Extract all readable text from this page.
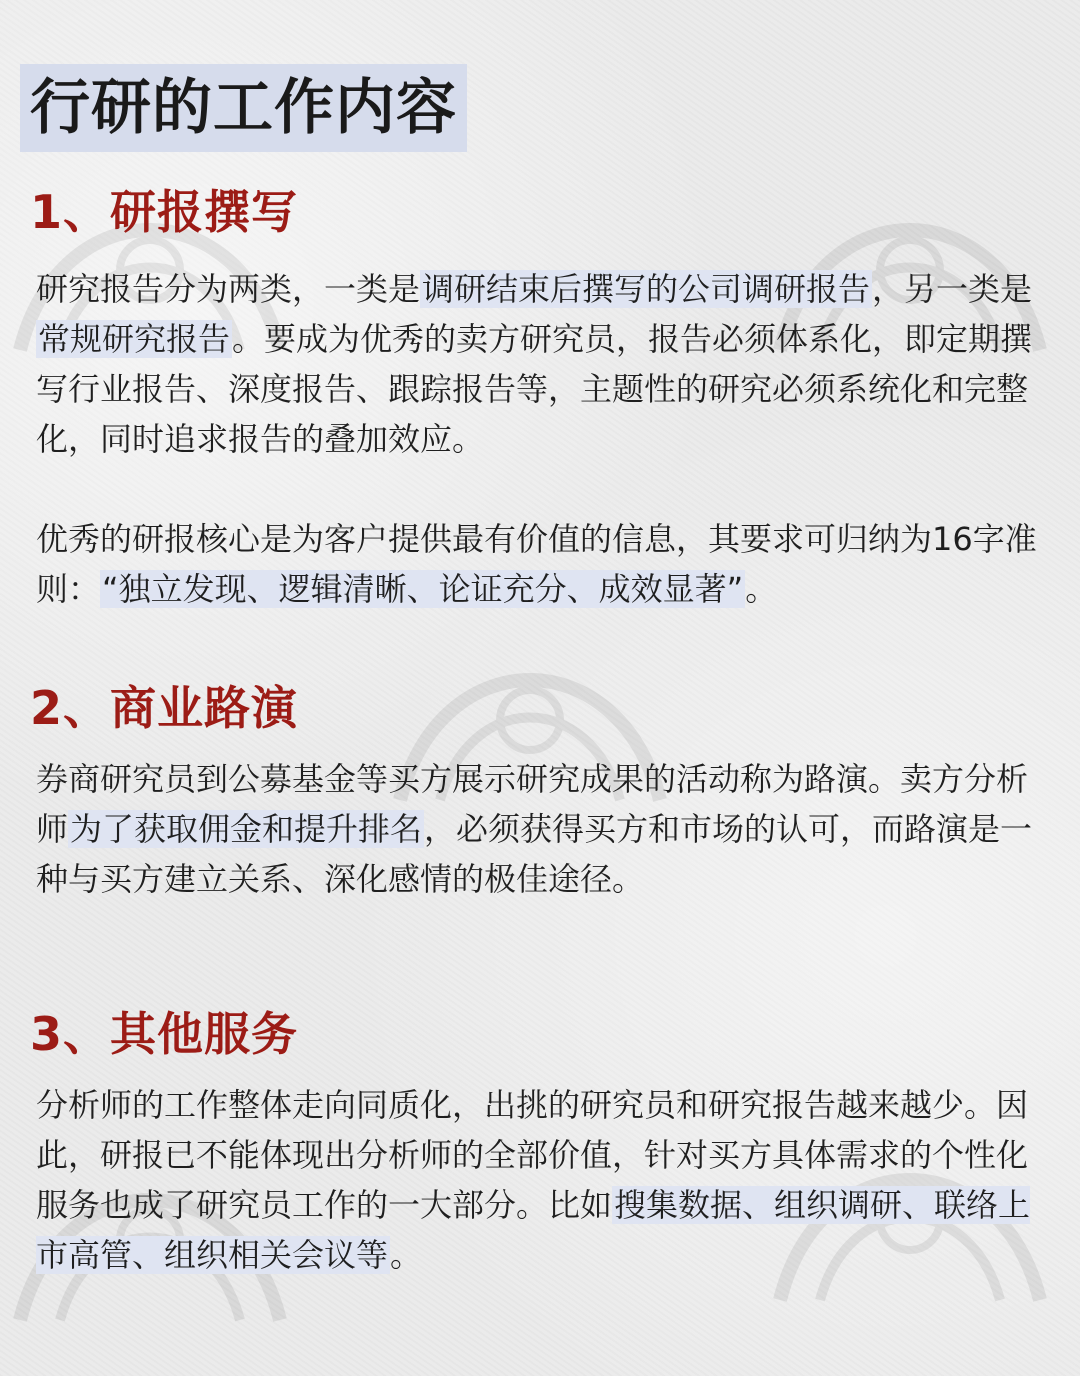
行研的工作内容
1、研报撰写

研究报告分为两类，一类是调研结束后撰写的公司调研报告，另一类是常规研究报告。要成为优秀的卖方研究员，报告必须体系化，即定期撰写行业报告、深度报告、跟踪报告等，主题性的研究必须系统化和完整化，同时追求报告的叠加效应。

优秀的研报核心是为客户提供最有价值的信息，其要求可归纳为16字准则：“独立发现、逻辑清晰、论证充分、成效显著”。

2、商业路演

券商研究员到公募基金等买方展示研究成果的活动称为路演。卖方分析师为了获取佣金和提升排名，必须获得买方和市场的认可，而路演是一种与买方建立关系、深化感情的极佳途径。

3、其他服务

分析师的工作整体走向同质化，出挑的研究员和研究报告越来越少。因此，研报已不能体现出分析师的全部价值，针对买方具体需求的个性化服务也成了研究员工作的一大部分。比如搜集数据、组织调研、联络上市高管、组织相关会议等。
